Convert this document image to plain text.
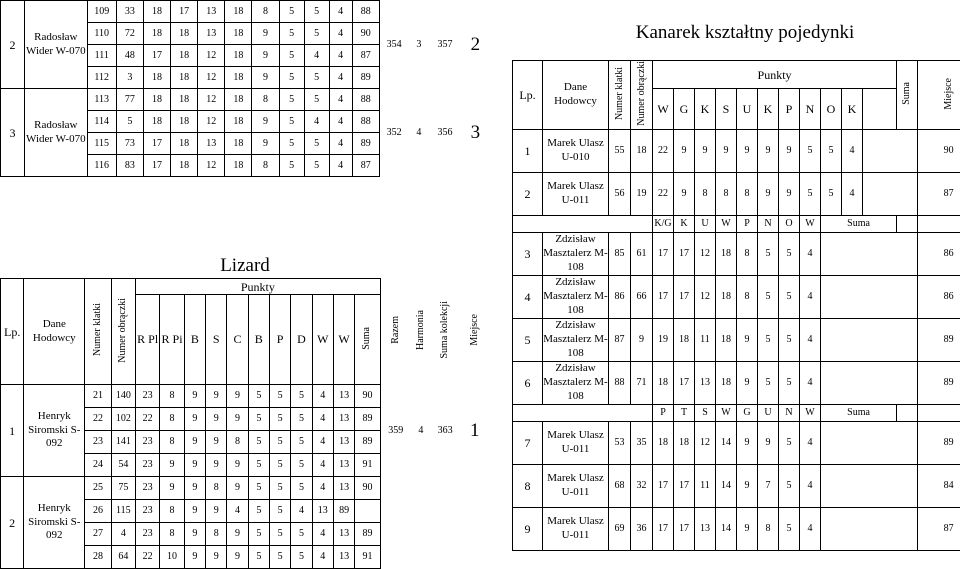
2	Radosław Wider W-070	109	33	18	17	13	18	8	5	5	4	88	354	3	357	2
		110	72	18	18	13	18	9	5	5	4	90				
		111	48	17	18	12	18	9	5	4	4	87				
		112	3	18	18	12	18	9	5	5	4	89				
3	Radosław Wider W-070	113	77	18	18	12	18	8	5	5	4	88	352	4	356	3
		114	5	18	18	12	18	9	5	4	4	88				
		115	73	17	18	13	18	9	5	5	4	89				
		116	83	17	18	12	18	8	5	5	4	87				
Lizard
Lp.	Dane Hodowcy	Numer klatki	Numer obrączki	Punkty											Razem	Harmonia	Suma kolekcji	Miejsce
				R Pl	R Pi	B	S	C	B	P	D	W	W	Suma				
1	Henryk Siromski S-092	21	140	23	8	9	9	9	5	5	5	4	13	90	359	4	363	1
		22	102	22	8	9	9	9	5	5	5	4	13	89				
		23	141	23	8	9	9	8	5	5	5	4	13	89				
		24	54	23	9	9	9	9	5	5	5	4	13	91				
2	Henryk Siromski S-092	25	75	23	9	9	8	9	5	5	5	4	13	90				
		26	115	23	8	9	9	4	5	5	4	13	89					
		27	4	23	8	9	8	9	5	5	5	4	13	89				
		28	64	22	10	9	9	9	5	5	5	4	13	91				
Kanarek kształtny pojedynki
Lp.	Dane Hodowcy	Numer klatki	Numer obrączki	Punkty											Suma	Miejsce	
				W	G	K	S	U	K	P	N	O	K				
1	Marek Ulasz U-010	55	18	22	9	9	9	9	9	9	5	5	4			90	
2	Marek Ulasz U-011	56	19	22	9	8	8	8	9	9	5	5	4			87	
				K/G	K	U	W	P	N	O	W	Suma					
3	Zdzisław Masztalerz M-108	85	61	17	17	12	18	8	5	5	4					86	
4	Zdzisław Masztalerz M-108	86	66	17	17	12	18	8	5	5	4					86	
5	Zdzisław Masztalerz M-108	87	9	19	18	11	18	9	5	5	4					89	
6	Zdzisław Masztalerz M-108	88	71	18	17	13	18	9	5	5	4					89	
				P	T	S	W	G	U	N	W	Suma					
7	Marek Ulasz U-011	53	35	18	18	12	14	9	9	5	4					89	
8	Marek Ulasz U-011	68	32	17	17	11	14	9	7	5	4					84	
9	Marek Ulasz U-011	69	36	17	17	13	14	9	8	5	4					87	
